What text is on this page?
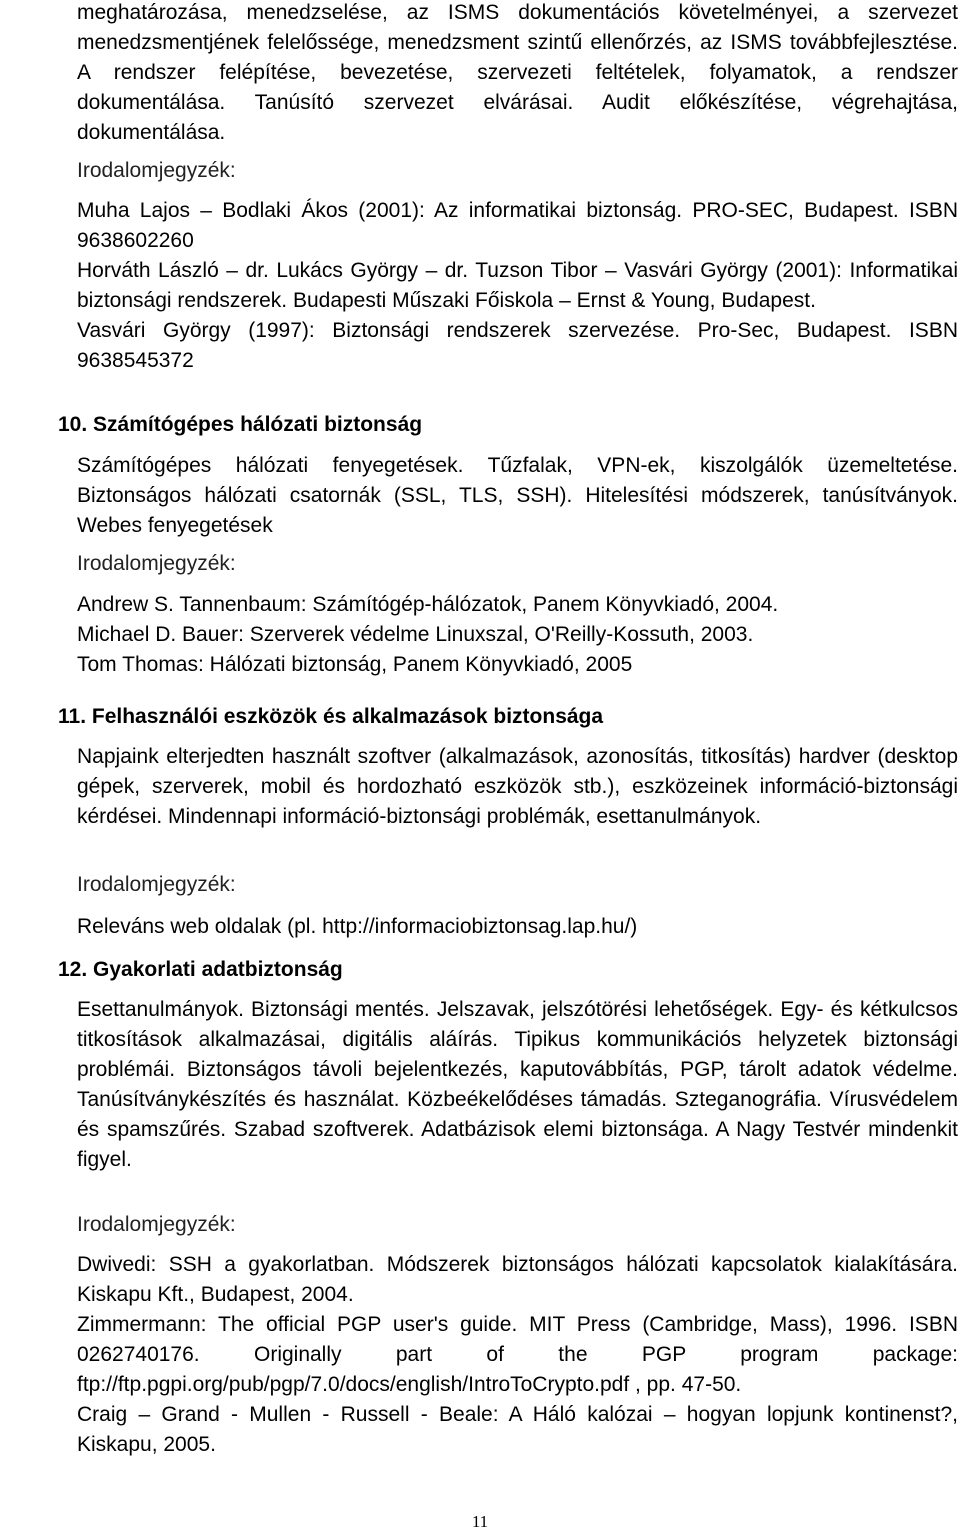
meghatározása, menedzselése, az ISMS dokumentációs követelményei, a szervezet menedzsmentjének felelőssége, menedzsment szintű ellenőrzés, az ISMS továbbfejlesztése. A rendszer felépítése, bevezetése, szervezeti feltételek, folyamatok, a rendszer dokumentálása. Tanúsító szervezet elvárásai. Audit előkészítése, végrehajtása, dokumentálása.
Irodalomjegyzék:

Muha Lajos – Bodlaki Ákos (2001): Az informatikai biztonság. PRO-SEC, Budapest. ISBN 9638602260

Horváth László – dr. Lukács György – dr. Tuzson Tibor – Vasvári György (2001): Informatikai biztonsági rendszerek. Budapesti Műszaki Főiskola – Ernst & Young, Budapest.

Vasvári György (1997): Biztonsági rendszerek szervezése. Pro-Sec, Budapest. ISBN 9638545372

10. Számítógépes hálózati biztonság
Számítógépes hálózati fenyegetések. Tűzfalak, VPN-ek, kiszolgálók üzemeltetése. Biztonságos hálózati csatornák (SSL, TLS, SSH). Hitelesítési módszerek, tanúsítványok. Webes fenyegetések
Irodalomjegyzék:

Andrew S. Tannenbaum: Számítógép-hálózatok, Panem Könyvkiadó, 2004.

Michael D. Bauer: Szerverek védelme Linuxszal, O'Reilly-Kossuth, 2003.

Tom Thomas: Hálózati biztonság, Panem Könyvkiadó, 2005

11. Felhasználói eszközök és alkalmazások biztonsága
Napjaink elterjedten használt szoftver (alkalmazások, azonosítás, titkosítás) hardver (desktop gépek, szerverek, mobil és hordozható eszközök stb.), eszközeinek információ-biztonsági kérdései. Mindennapi információ-biztonsági problémák, esettanulmányok.
Irodalomjegyzék:

Releváns web oldalak (pl. http://informaciobiztonsag.lap.hu/)

12. Gyakorlati adatbiztonság
Esettanulmányok. Biztonsági mentés. Jelszavak, jelszótörési lehetőségek. Egy- és kétkulcsos titkosítások alkalmazásai, digitális aláírás. Tipikus kommunikációs helyzetek biztonsági problémái. Biztonságos távoli bejelentkezés, kaputovábbítás, PGP, tárolt adatok védelme. Tanúsítványkészítés és használat. Közbeékelődéses támadás. Szteganográfia. Vírusvédelem és spamszűrés. Szabad szoftverek. Adatbázisok elemi biztonsága. A Nagy Testvér mindenkit figyel.
Irodalomjegyzék:

Dwivedi: SSH a gyakorlatban. Módszerek biztonságos hálózati kapcsolatok kialakítására. Kiskapu Kft., Budapest, 2004.

Zimmermann: The official PGP user's guide. MIT Press (Cambridge, Mass), 1996. ISBN 0262740176. Originally part of the PGP program package: ftp://ftp.pgpi.org/pub/pgp/7.0/docs/english/IntroToCrypto.pdf , pp. 47-50.

Craig – Grand - Mullen - Russell - Beale: A Háló kalózai – hogyan lopjunk kontinenst?, Kiskapu, 2005.

11
